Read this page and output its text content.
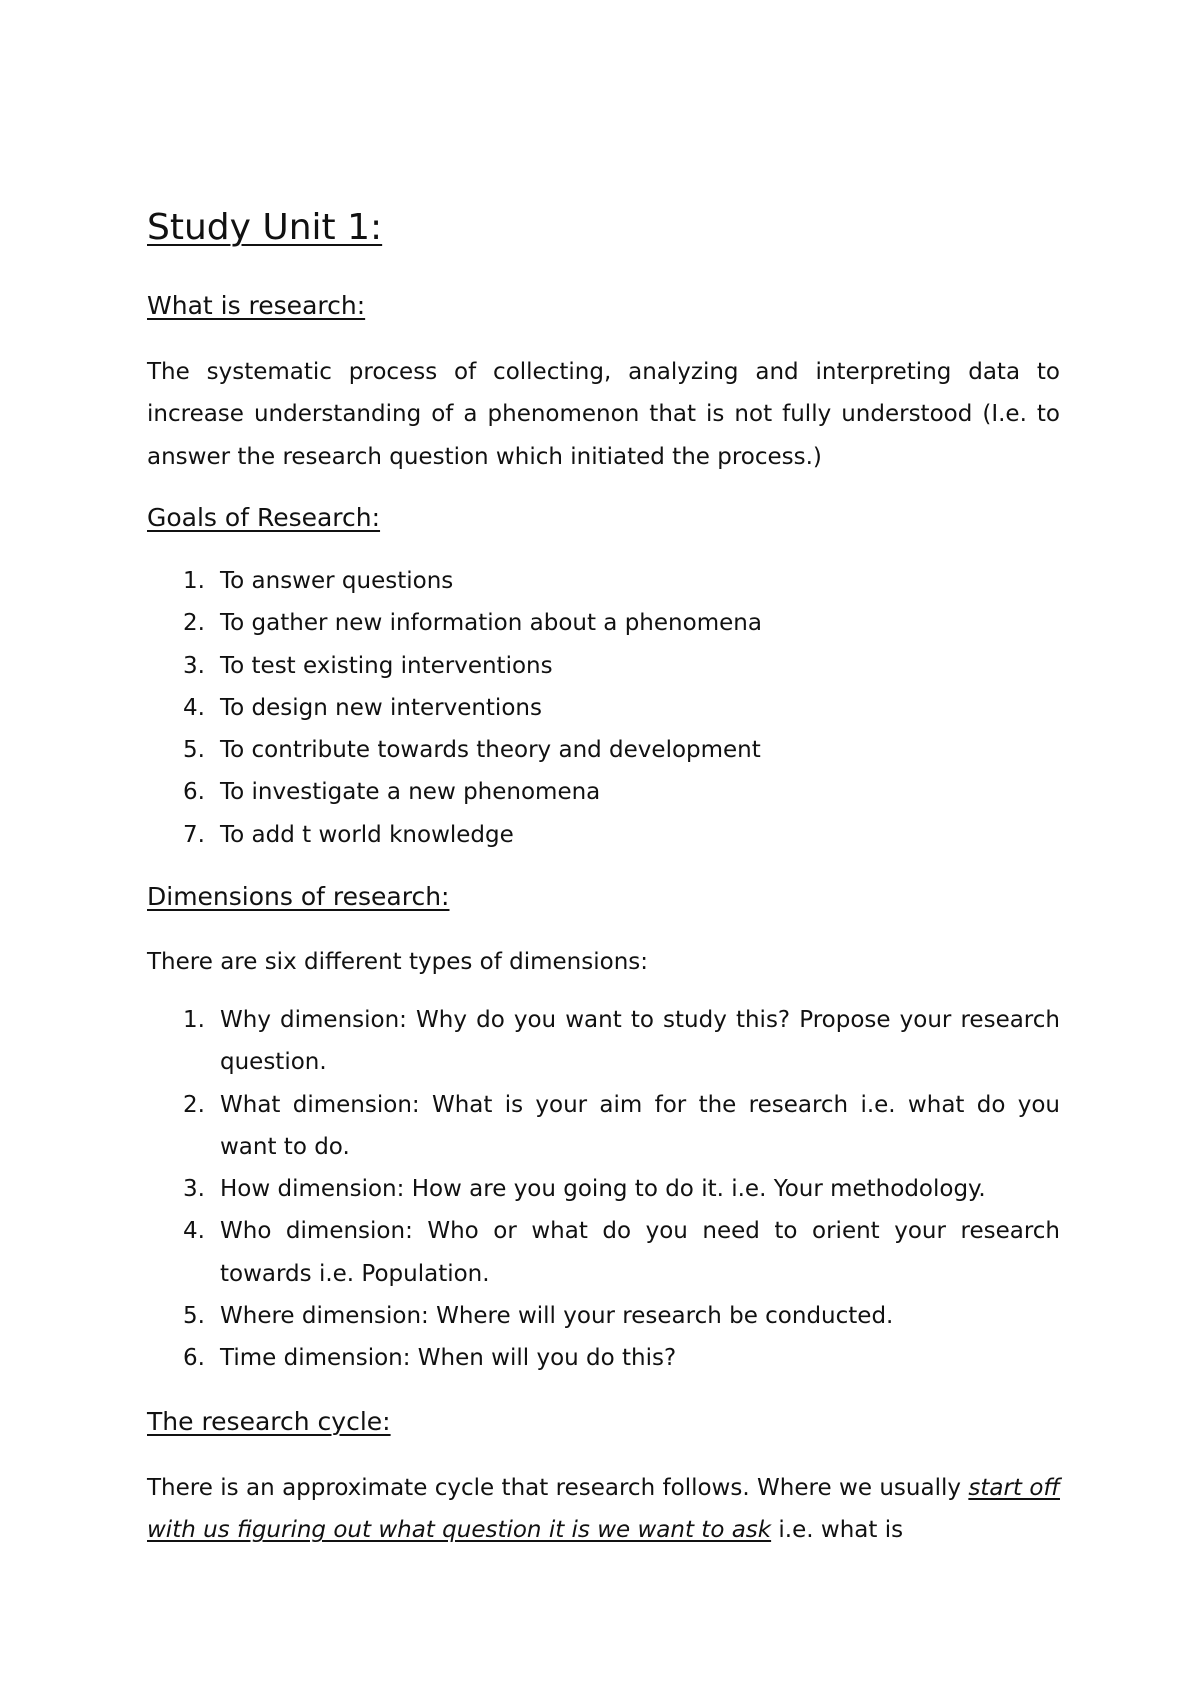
Study Unit 1:
What is research:

The systematic process of collecting, analyzing and interpreting data to increase understanding of a phenomenon that is not fully understood (I.e. to answer the research question which initiated the process.)

Goals of Research:
1. To answer questions
2. To gather new information about a phenomena
3. To test existing interventions
4. To design new interventions
5. To contribute towards theory and development
6. To investigate a new phenomena
7. To add t world knowledge
Dimensions of research:

There are six different types of dimensions:

1. Why dimension: Why do you want to study this? Propose your research question.
2. What dimension: What is your aim for the research i.e. what do you want to do.
3. How dimension: How are you going to do it. i.e. Your methodology.
4. Who dimension: Who or what do you need to orient your research towards i.e. Population.
5. Where dimension: Where will your research be conducted.
6. Time dimension: When will you do this?
The research cycle:

There is an approximate cycle that research follows. Where we usually start off with us figuring out what question it is we want to ask i.e. what is
